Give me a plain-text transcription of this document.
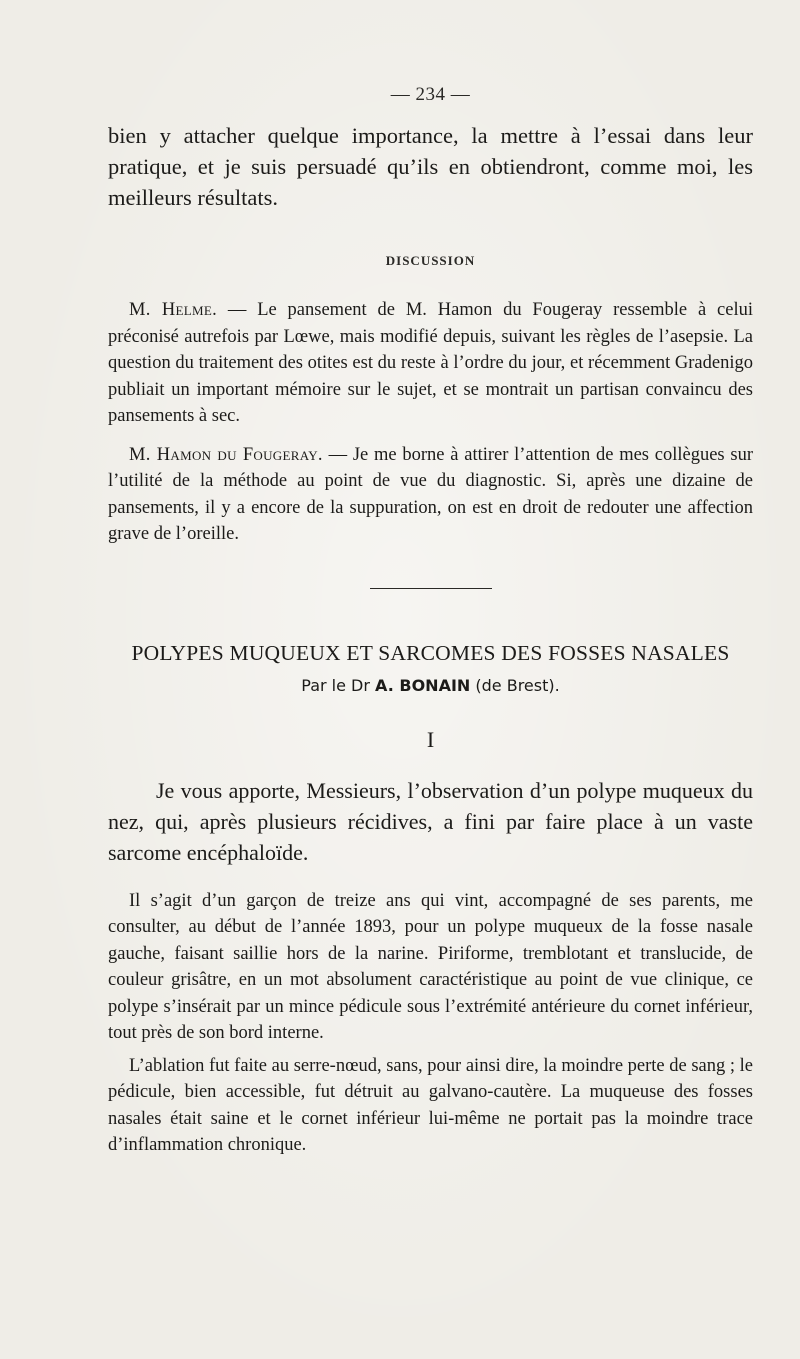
— 234 —

bien y attacher quelque importance, la mettre à l’essai dans leur pratique, et je suis persuadé qu’ils en obtiendront, comme moi, les meilleurs résultats.

DISCUSSION

M. Helme. — Le pansement de M. Hamon du Fougeray ressemble à celui préconisé autrefois par Lœwe, mais modifié depuis, suivant les règles de l’asepsie. La question du traitement des otites est du reste à l’ordre du jour, et récemment Gradenigo publiait un important mémoire sur le sujet, et se montrait un partisan convaincu des pansements à sec.

M. Hamon du Fougeray. — Je me borne à attirer l’attention de mes collègues sur l’utilité de la méthode au point de vue du diagnostic. Si, après une dizaine de pansements, il y a encore de la suppuration, on est en droit de redouter une affection grave de l’oreille.

POLYPES MUQUEUX ET SARCOMES DES FOSSES NASALES
Par le Dr A. BONAIN (de Brest).
I

Je vous apporte, Messieurs, l’observation d’un polype muqueux du nez, qui, après plusieurs récidives, a fini par faire place à un vaste sarcome encéphaloïde.

Il s’agit d’un garçon de treize ans qui vint, accompagné de ses parents, me consulter, au début de l’année 1893, pour un polype muqueux de la fosse nasale gauche, faisant saillie hors de la narine. Piriforme, tremblotant et translucide, de couleur grisâtre, en un mot absolument caractéristique au point de vue clinique, ce polype s’insérait par un mince pédicule sous l’extrémité antérieure du cornet inférieur, tout près de son bord interne.

L’ablation fut faite au serre-nœud, sans, pour ainsi dire, la moindre perte de sang ; le pédicule, bien accessible, fut détruit au galvano-cautère. La muqueuse des fosses nasales était saine et le cornet inférieur lui-même ne portait pas la moindre trace d’inflammation chronique.
